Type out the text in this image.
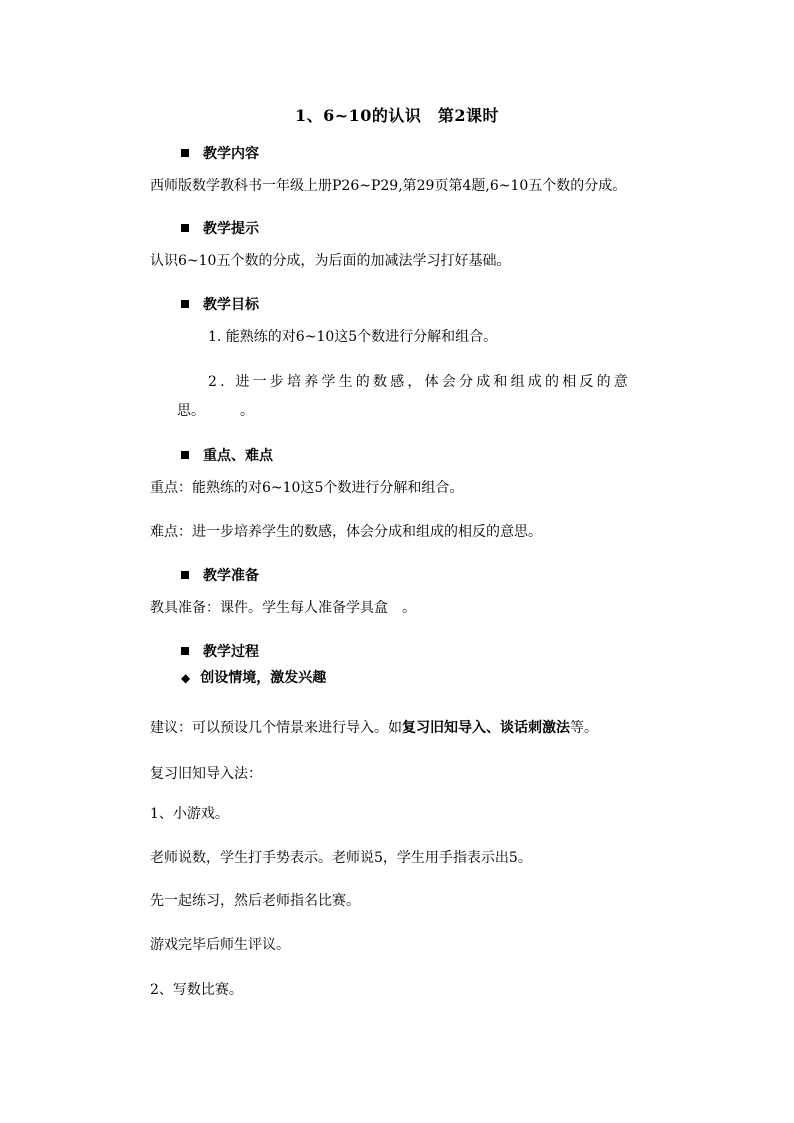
1、6~10的认识　第2课时
教学内容
西师版数学教科书一年级上册P26~P29,第29页第4题,6~10五个数的分成。
教学提示
认识6~10五个数的分成，为后面的加减法学习打好基础。
教学目标
1. 能熟练的对6~10这5个数进行分解和组合。
2. 进一步培养学生的数感，体会分成和组成的相反的意
思。　　　。
重点、难点
重点：能熟练的对6~10这5个数进行分解和组合。
难点：进一步培养学生的数感，体会分成和组成的相反的意思。
教学准备
教具准备：课件。学生每人准备学具盒　。
教学过程
◆ 创设情境，激发兴趣
建议：可以预设几个情景来进行导入。如复习旧知导入、谈话刺激法等。
复习旧知导入法：
1、小游戏。
老师说数，学生打手势表示。老师说5，学生用手指表示出5。
先一起练习，然后老师指名比赛。
游戏完毕后师生评议。
2、写数比赛。
